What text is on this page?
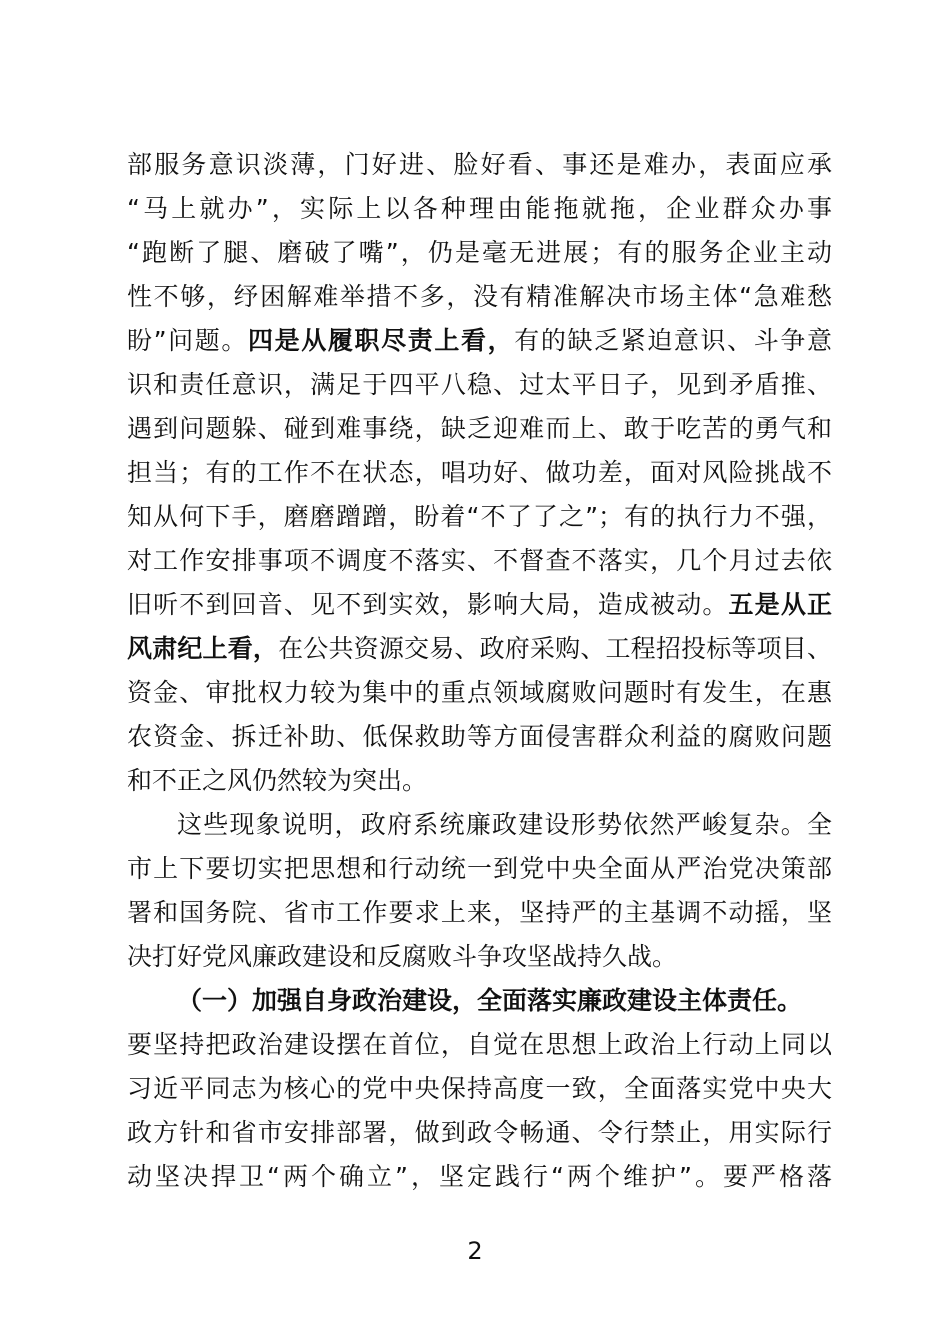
部服务意识淡薄，门好进、脸好看、事还是难办，表面应承
“马上就办”，实际上以各种理由能拖就拖，企业群众办事
“跑断了腿、磨破了嘴”，仍是毫无进展；有的服务企业主动
性不够，纾困解难举措不多，没有精准解决市场主体“急难愁
盼”问题。四是从履职尽责上看，有的缺乏紧迫意识、斗争意
识和责任意识，满足于四平八稳、过太平日子，见到矛盾推、
遇到问题躲、碰到难事绕，缺乏迎难而上、敢于吃苦的勇气和
担当；有的工作不在状态，唱功好、做功差，面对风险挑战不
知从何下手，磨磨蹭蹭，盼着“不了了之”；有的执行力不强，
对工作安排事项不调度不落实、不督查不落实，几个月过去依
旧听不到回音、见不到实效，影响大局，造成被动。五是从正
风肃纪上看，在公共资源交易、政府采购、工程招投标等项目、
资金、审批权力较为集中的重点领域腐败问题时有发生，在惠
农资金、拆迁补助、低保救助等方面侵害群众利益的腐败问题
和不正之风仍然较为突出。
这些现象说明，政府系统廉政建设形势依然严峻复杂。全
市上下要切实把思想和行动统一到党中央全面从严治党决策部
署和国务院、省市工作要求上来，坚持严的主基调不动摇，坚
决打好党风廉政建设和反腐败斗争攻坚战持久战。
（一）加强自身政治建设，全面落实廉政建设主体责任。
要坚持把政治建设摆在首位，自觉在思想上政治上行动上同以
习近平同志为核心的党中央保持高度一致，全面落实党中央大
政方针和省市安排部署，做到政令畅通、令行禁止，用实际行
动坚决捍卫“两个确立”，坚定践行“两个维护”。要严格落
2
